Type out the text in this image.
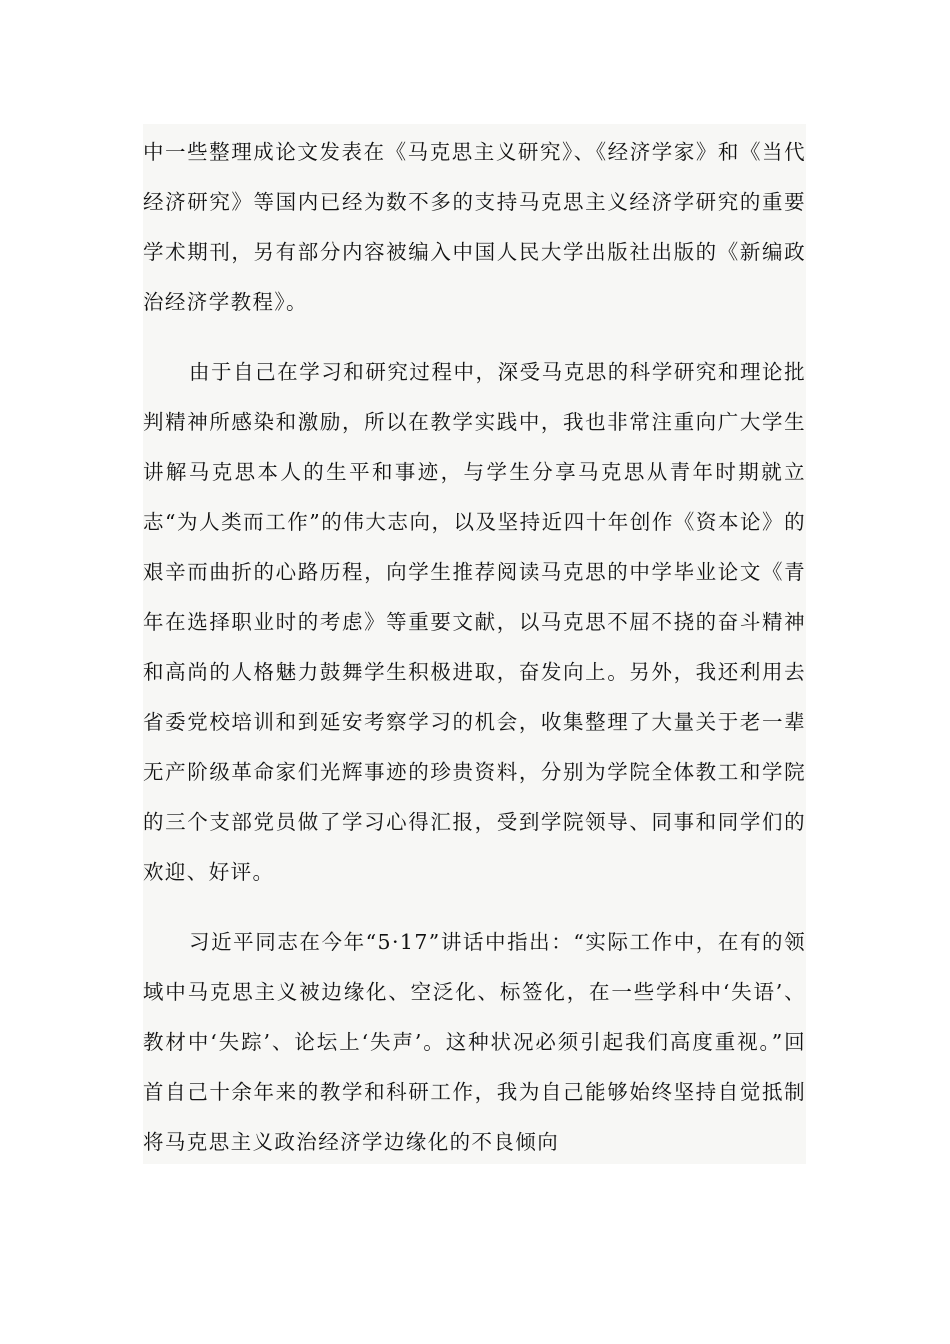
中一些整理成论文发表在《马克思主义研究》、《经济学家》和《当代经济研究》等国内已经为数不多的支持马克思主义经济学研究的重要学术期刊，另有部分内容被编入中国人民大学出版社出版的《新编政治经济学教程》。

由于自己在学习和研究过程中，深受马克思的科学研究和理论批判精神所感染和激励，所以在教学实践中，我也非常注重向广大学生讲解马克思本人的生平和事迹，与学生分享马克思从青年时期就立志“为人类而工作”的伟大志向，以及坚持近四十年创作《资本论》的艰辛而曲折的心路历程，向学生推荐阅读马克思的中学毕业论文《青年在选择职业时的考虑》等重要文献，以马克思不屈不挠的奋斗精神和高尚的人格魅力鼓舞学生积极进取，奋发向上。另外，我还利用去省委党校培训和到延安考察学习的机会，收集整理了大量关于老一辈无产阶级革命家们光辉事迹的珍贵资料，分别为学院全体教工和学院的三个支部党员做了学习心得汇报，受到学院领导、同事和同学们的欢迎、好评。

习近平同志在今年“5·17”讲话中指出：“实际工作中，在有的领域中马克思主义被边缘化、空泛化、标签化，在一些学科中‘失语’、教材中‘失踪’、论坛上‘失声’。这种状况必须引起我们高度重视。”回首自己十余年来的教学和科研工作，我为自己能够始终坚持自觉抵制将马克思主义政治经济学边缘化的不良倾向
